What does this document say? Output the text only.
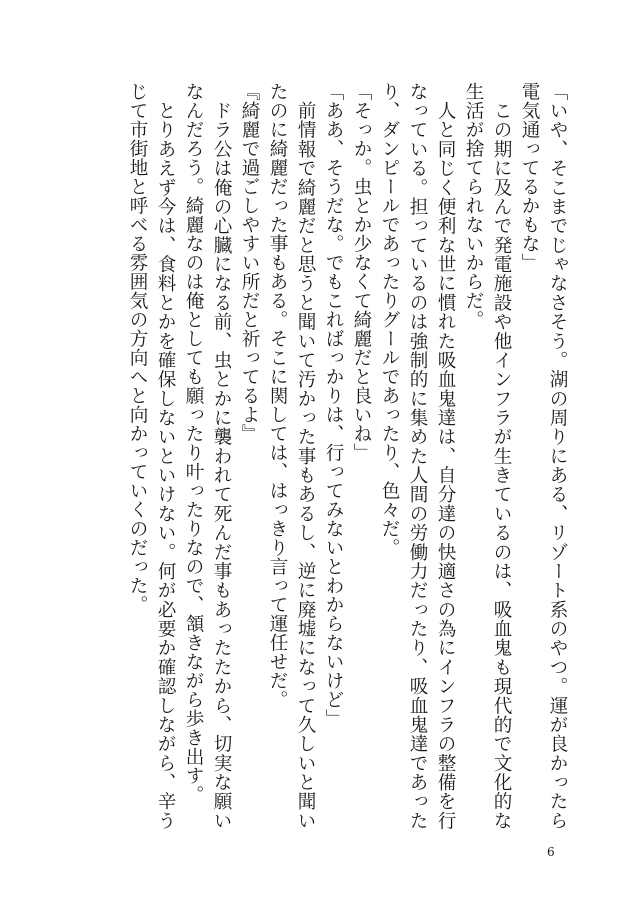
「いや、そこまでじゃなさそう。湖の周りにある、リゾート系のやつ。運が良かったら電気通ってるかもな」

　この期に及んで発電施設や他インフラが生きているのは、吸血鬼も現代的で文化的な生活が捨てられないからだ。

　人と同じく便利な世に慣れた吸血鬼達は、自分達の快適さの為にインフラの整備を行なっている。担っているのは強制的に集めた人間の労働力だったり、吸血鬼達であったり、ダンピールであったりグールであったり、色々だ。

「そっか。虫とか少なくて綺麗だと良いね」

「ああ、そうだな。でもこればっかりは、行ってみないとわからないけど」

　前情報で綺麗だと思うと聞いて汚かった事もあるし、逆に廃墟になって久しいと聞いたのに綺麗だった事もある。そこに関しては、はっきり言って運任せだ。

『綺麗で過ごしやすい所だと祈ってるよ』

　ドラ公は俺の心臓になる前、虫とかに襲われて死んだ事もあったたから、切実な願いなんだろう。綺麗なのは俺としても願ったり叶ったりなので、頷きながら歩き出す。

　とりあえず今は、食料とかを確保しないといけない。何が必要か確認しながら、辛うじて市街地と呼べる雰囲気の方向へと向かっていくのだった。

6
